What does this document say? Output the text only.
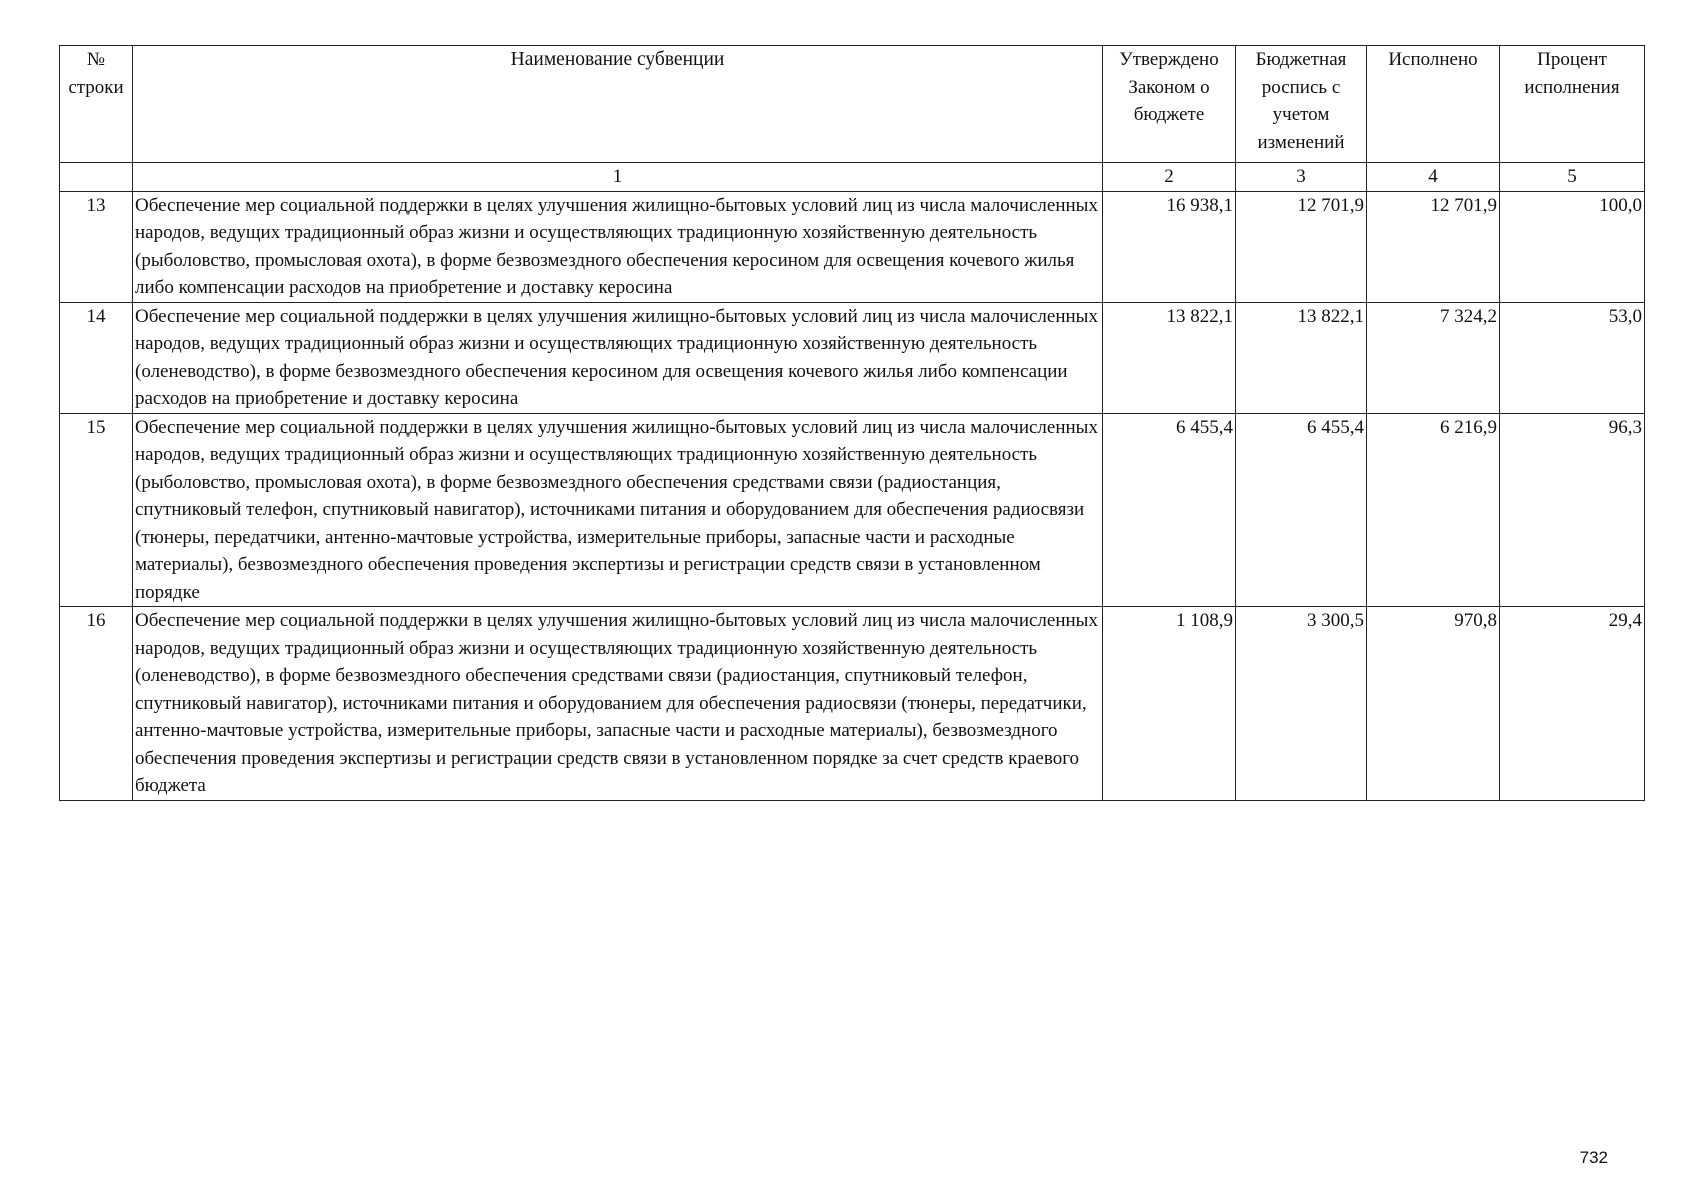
№ строки	Наименование субвенции	Утверждено Законом о бюджете	Бюджетная роспись с учетом изменений	Исполнено	Процент исполнения
	1	2	3	4	5
13	Обеспечение мер социальной поддержки в целях улучшения жилищно-бытовых условий лиц из числа малочисленных народов, ведущих традиционный образ жизни и осуществляющих традиционную хозяйственную деятельность (рыболовство, промысловая охота), в форме безвозмездного обеспечения керосином для освещения кочевого жилья либо компенсации расходов на приобретение и доставку керосина	16 938,1	12 701,9	12 701,9	100,0
14	Обеспечение мер социальной поддержки в целях улучшения жилищно-бытовых условий лиц из числа малочисленных народов, ведущих традиционный образ жизни и осуществляющих традиционную хозяйственную деятельность (оленеводство), в форме безвозмездного обеспечения керосином для освещения кочевого жилья либо компенсации расходов на приобретение и доставку керосина	13 822,1	13 822,1	7 324,2	53,0
15	Обеспечение мер социальной поддержки в целях улучшения жилищно-бытовых условий лиц из числа малочисленных народов, ведущих традиционный образ жизни и осуществляющих традиционную хозяйственную деятельность (рыболовство, промысловая охота), в форме безвозмездного обеспечения средствами связи (радиостанция, спутниковый телефон, спутниковый навигатор), источниками питания и оборудованием для обеспечения радиосвязи (тюнеры, передатчики, антенно-мачтовые устройства, измерительные приборы, запасные части и расходные материалы), безвозмездного обеспечения проведения экспертизы и регистрации средств связи в установленном порядке	6 455,4	6 455,4	6 216,9	96,3
16	Обеспечение мер социальной поддержки в целях улучшения жилищно-бытовых условий лиц из числа малочисленных народов, ведущих традиционный образ жизни и осуществляющих традиционную хозяйственную деятельность (оленеводство), в форме безвозмездного обеспечения средствами связи (радиостанция, спутниковый телефон, спутниковый навигатор), источниками питания и оборудованием для обеспечения радиосвязи (тюнеры, передатчики, антенно-мачтовые устройства, измерительные приборы, запасные части и расходные материалы), безвозмездного обеспечения проведения экспертизы и регистрации средств связи в установленном порядке за счет средств краевого бюджета	1 108,9	3 300,5	970,8	29,4
732
